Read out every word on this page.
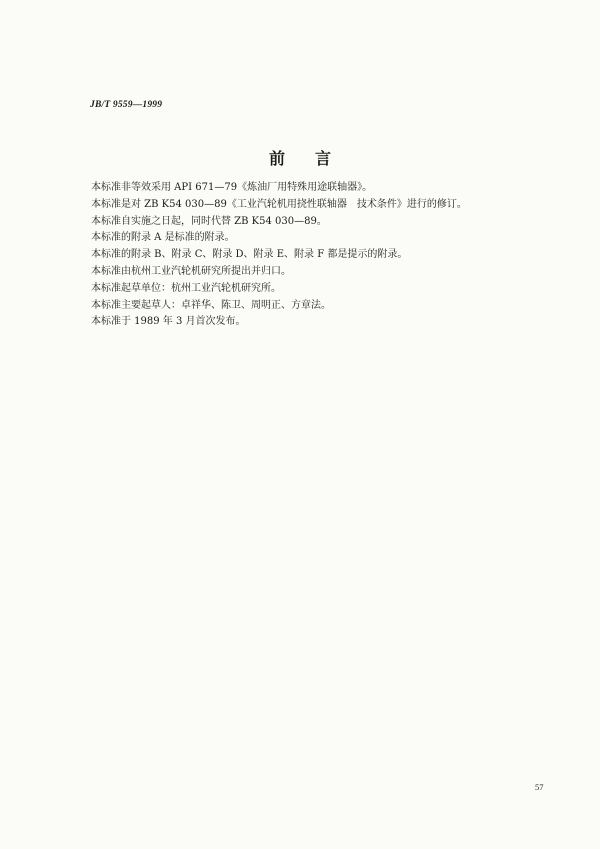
JB/T 9559—1999
前言
本标准非等效采用 API 671—79《炼油厂用特殊用途联轴器》。
本标准是对 ZB K54 030—89《工业汽轮机用挠性联轴器　技术条件》进行的修订。
本标准自实施之日起，同时代替 ZB K54 030—89。
本标准的附录 A 是标准的附录。
本标准的附录 B、附录 C、附录 D、附录 E、附录 F 都是提示的附录。
本标准由杭州工业汽轮机研究所提出并归口。
本标准起草单位：杭州工业汽轮机研究所。
本标准主要起草人：卓祥华、陈卫、周明正、方章法。
本标准于 1989 年 3 月首次发布。
57
